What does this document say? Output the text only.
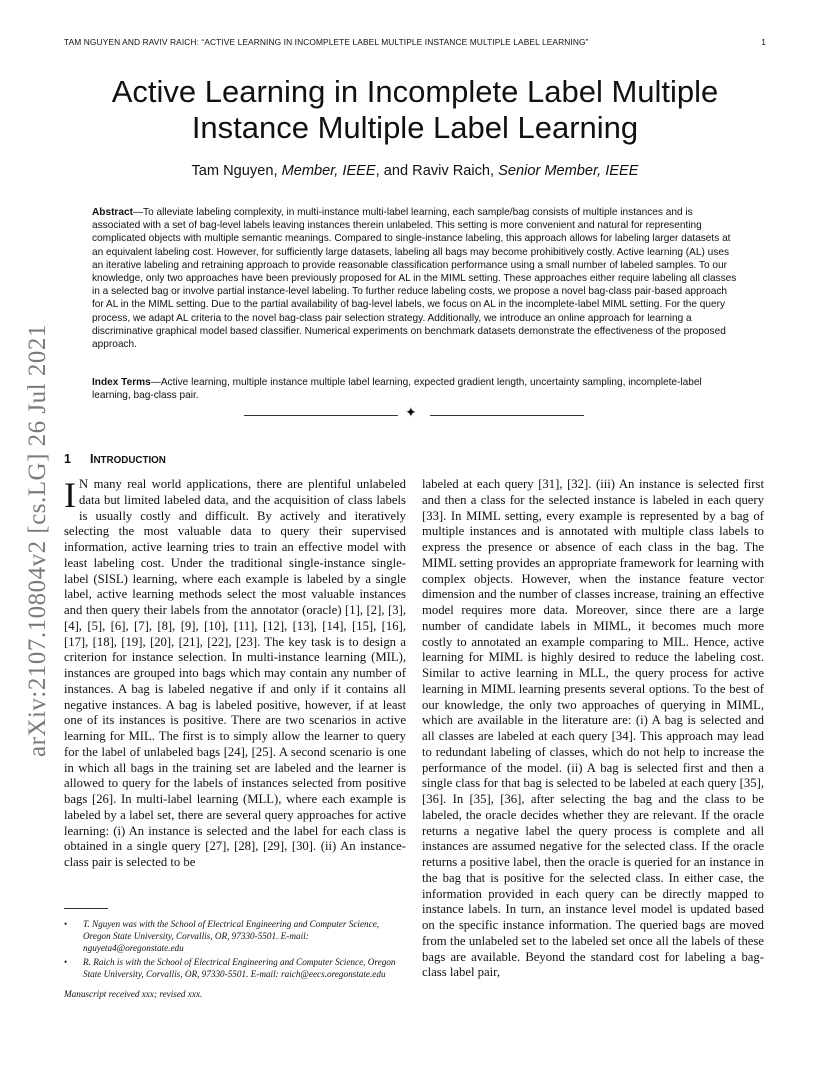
TAM NGUYEN AND RAVIV RAICH: “ACTIVE LEARNING IN INCOMPLETE LABEL MULTIPLE INSTANCE MULTIPLE LABEL LEARNING”	1
arXiv:2107.10804v2 [cs.LG] 26 Jul 2021
Active Learning in Incomplete Label Multiple
Instance Multiple Label Learning
Tam Nguyen, Member, IEEE, and Raviv Raich, Senior Member, IEEE
Abstract—To alleviate labeling complexity, in multi-instance multi-label learning, each sample/bag consists of multiple instances and is associated with a set of bag-level labels leaving instances therein unlabeled. This setting is more convenient and natural for representing complicated objects with multiple semantic meanings. Compared to single-instance labeling, this approach allows for labeling larger datasets at an equivalent labeling cost. However, for sufficiently large datasets, labeling all bags may become prohibitively costly. Active learning (AL) uses an iterative labeling and retraining approach to provide reasonable classification performance using a small number of labeled samples. To our knowledge, only two approaches have been previously proposed for AL in the MIML setting. These approaches either require labeling all classes in a selected bag or involve partial instance-level labeling. To further reduce labeling costs, we propose a novel bag-class pair-based approach for AL in the MIML setting. Due to the partial availability of bag-level labels, we focus on AL in the incomplete-label MIML setting. For the query process, we adapt AL criteria to the novel bag-class pair selection strategy. Additionally, we introduce an online approach for learning a discriminative graphical model based classifier. Numerical experiments on benchmark datasets demonstrate the effectiveness of the proposed approach.
Index Terms—Active learning, multiple instance multiple label learning, expected gradient length, uncertainty sampling, incomplete-label learning, bag-class pair.
✦
1 INTRODUCTION

I N many real world applications, there are plentiful unlabeled data but limited labeled data, and the acquisition of class labels is usually costly and difficult. By actively and iteratively selecting the most valuable data to query their supervised information, active learning tries to train an effective model with least labeling cost. Under the traditional single-instance single-label (SISL) learning, where each example is labeled by a single label, active learning methods select the most valuable instances and then query their labels from the annotator (oracle) [1], [2], [3], [4], [5], [6], [7], [8], [9], [10], [11], [12], [13], [14], [15], [16], [17], [18], [19], [20], [21], [22], [23]. The key task is to design a criterion for instance selection. In multi-instance learning (MIL), instances are grouped into bags which may contain any number of instances. A bag is labeled negative if and only if it contains all negative instances. A bag is labeled positive, however, if at least one of its instances is positive. There are two scenarios in active learning for MIL. The first is to simply allow the learner to query for the label of unlabeled bags [24], [25]. A second scenario is one in which all bags in the training set are labeled and the learner is allowed to query for the labels of instances selected from positive bags [26]. In multi-label learning (MLL), where each example is labeled by a label set, there are several query approaches for active learning: (i) An instance is selected and the label for each class is obtained in a single query [27], [28], [29], [30]. (ii) An instance-class pair is selected to be

labeled at each query [31], [32]. (iii) An instance is selected first and then a class for the selected instance is labeled in each query [33]. In MIML setting, every example is represented by a bag of multiple instances and is annotated with multiple class labels to express the presence or absence of each class in the bag. The MIML setting provides an appropriate framework for learning with complex objects. However, when the instance feature vector dimension and the number of classes increase, training an effective model requires more data. Moreover, since there are a large number of candidate labels in MIML, it becomes much more costly to annotated an example comparing to MIL. Hence, active learning for MIML is highly desired to reduce the labeling cost. Similar to active learning in MLL, the query process for active learning in MIML learning presents several options. To the best of our knowledge, the only two approaches of querying in MIML, which are available in the literature are: (i) A bag is selected and all classes are labeled at each query [34]. This approach may lead to redundant labeling of classes, which do not help to increase the performance of the model. (ii) A bag is selected first and then a single class for that bag is selected to be labeled at each query [35], [36]. In [35], [36], after selecting the bag and the class to be labeled, the oracle decides whether they are relevant. If the oracle returns a negative label the query process is complete and all instances are assumed negative for the selected class. If the oracle returns a positive label, then the oracle is queried for an instance in the bag that is positive for the selected class. In either case, the information provided in each query can be directly mapped to instance labels. In turn, an instance level model is updated based on the specific instance information. The queried bags are moved from the unlabeled set to the labeled set once all the labels of these bags are available. Beyond the standard cost for labeling a bag-class label pair,

• T. Nguyen was with the School of Electrical Engineering and Computer Science, Oregon State University, Corvallis, OR, 97330-5501. E-mail: nguyeta4@oregonstate.edu
• R. Raich is with the School of Electrical Engineering and Computer Science, Oregon State University, Corvallis, OR, 97330-5501. E-mail: raich@eecs.oregonstate.edu
Manuscript received xxx; revised xxx.
